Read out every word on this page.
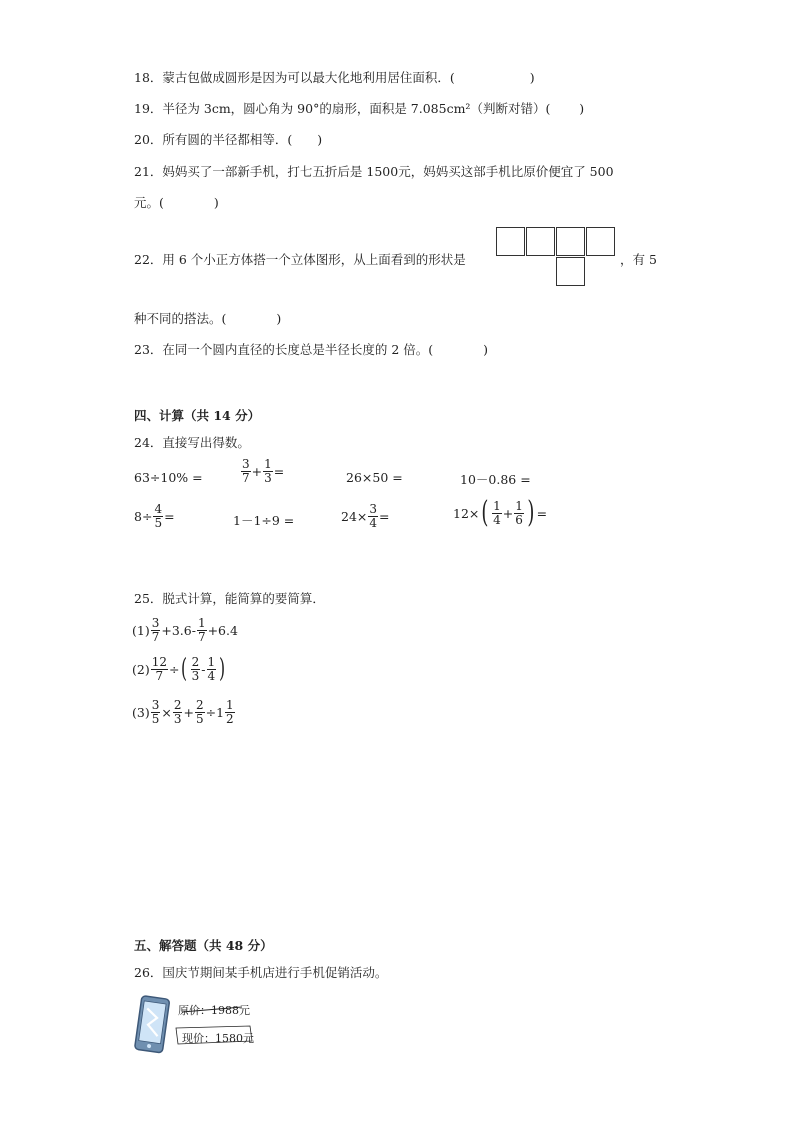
18．蒙古包做成圆形是因为可以最大化地利用居住面积．(　　　　　　)
19．半径为 3cm，圆心角为 90°的扇形，面积是 7.085cm²（判断对错）(　　 )
20．所有圆的半径都相等．(　　)
21．妈妈买了一部新手机，打七五折后是 1500元，妈妈买这部手机比原价便宜了 500
元。(　　　　)
22．用 6 个小正方体搭一个立体图形，从上面看到的形状是	，有 5
种不同的搭法。(　　　　)
23．在同一个圆内直径的长度总是半径长度的 2 倍。(　　　　)
四、计算（共 14 分）
24．直接写出得数。
63÷10% =	$\frac{3}{7} + \frac{1}{3}$ =	26×50 =	10－0.86 =
$8\div \frac{4}{5}$ =	1－1÷9 =	$24\times \frac{3}{4}$ =	12× ( $\frac{1}{4} + \frac{1}{6}$ ) =
25．脱式计算，能简算的要简算．
$(1) \frac{3}{7} +3.6- \frac{1}{7} +6.4$
$(2) \frac{12}{7}$ ÷ ( $\frac{2}{3} - \frac{1}{4}$ )
$(3) \frac{3}{5} \times \frac{2}{3} + \frac{2}{5} \div 1 \frac{1}{2}$
五、解答题（共 48 分）
26．国庆节期间某手机店进行手机促销活动。
原价：1988元
现价：1580元
